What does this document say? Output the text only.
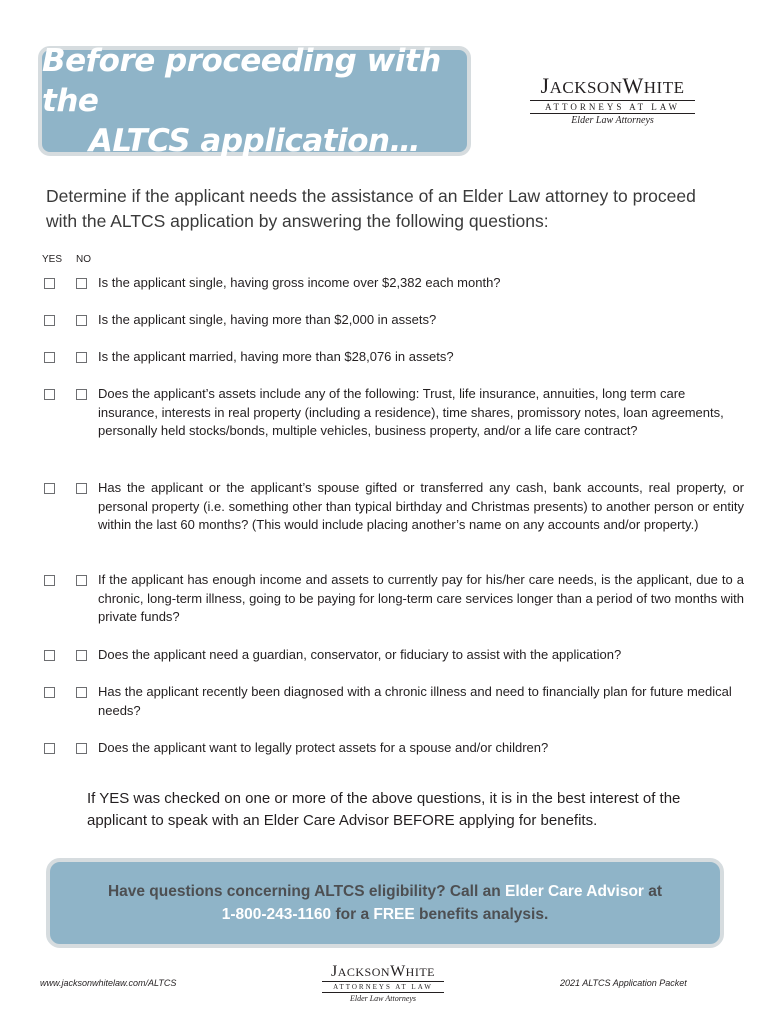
Before proceeding with the
ALTCS application…
JACKSONWHITE
ATTORNEYS AT LAW
Elder Law Attorneys
Determine if the applicant needs the assistance of an Elder Law attorney to proceed with the ALTCS application by answering the following questions:
YES NO
Is the applicant single, having gross income over $2,382 each month?
Is the applicant single, having more than $2,000 in assets?
Is the applicant married, having more than $28,076 in assets?
Does the applicant’s assets include any of the following: Trust, life insurance, annuities, long term care insurance, interests in real property (including a residence), time shares, promissory notes, loan agreements, personally held stocks/bonds, multiple vehicles, business property, and/or a life care contract?
Has the applicant or the applicant’s spouse gifted or transferred any cash, bank accounts, real property, or personal property (i.e. something other than typical birthday and Christmas presents) to another person or entity within the last 60 months? (This would include placing another’s name on any accounts and/or property.)
If the applicant has enough income and assets to currently pay for his/her care needs, is the applicant, due to a chronic, long-term illness, going to be paying for long-term care services longer than a period of two months with private funds?
Does the applicant need a guardian, conservator, or fiduciary to assist with the application?
Has the applicant recently been diagnosed with a chronic illness and need to financially plan for future medical needs?
Does the applicant want to legally protect assets for a spouse and/or children?
If YES was checked on one or more of the above questions, it is in the best interest of the applicant to speak with an Elder Care Advisor BEFORE applying for benefits.
Have questions concerning ALTCS eligibility? Call an Elder Care Advisor at
1-800-243-1160 for a FREE benefits analysis.
www.jacksonwhitelaw.com/ALTCS
JACKSONWHITE
ATTORNEYS AT LAW
Elder Law Attorneys
2021 ALTCS Application Packet
